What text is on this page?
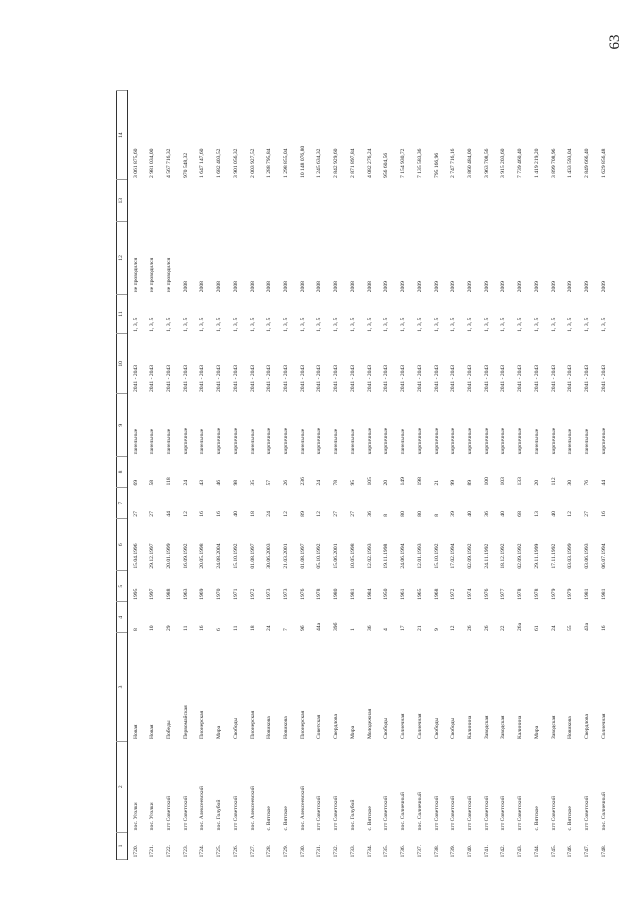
63
1	2	3	4	5	6	7	8	9	10	11	12	13	14
1720.	пос. Уголки	Новая	8	1995	15.04.1996	27	69	панельные	2041 - 2043	1, 3, 5	не проводился		3 061 875,60
1721.	пос. Уголки	Новая	10	1997	29.12.1997	27	58	панельные	2041 - 2043	1, 3, 5	не проводился		2 981 034,00
1722.	пгт Советский	Победы	29	1988	20.01.1999	44	118	панельные	2041 - 2043	1, 3, 5	не проводился		4 567 716,32
1723.	пгт Советский	Первомайская	11	1963	16.09.1992	12	24	кирпичные	2041 - 2043	1, 3, 5	2008		970 548,32
1724.	пос. Алексеевский	Пионерская	16	1969	20.05.1998	16	43	панельные	2041 - 2043	1, 3, 5	2008		1 647 147,60
1725.	пос. Голубой	Мира	6	1970	24.08.2004	16	46	кирпичные	2041 - 2043	1, 3, 5	2008		1 682 403,52
1726.	пгт Советский	Свободы	11	1971	15.10.1992	40	98	кирпичные	2041 - 2043	1, 3, 5	2008		3 901 056,32
1727.	пос. Алексеевский	Пионерская	18	1972	01.08.1997	18	35	панельные	2041 - 2043	1, 3, 5	2008		2 003 927,52
1728.	с. Вятское	Новикова	24	1973	30.06.2003	24	57	кирпичные	2041 - 2043	1, 3, 5	2008		1 288 795,84
1729.	с. Вятское	Новикова	7	1973	21.03.2001	12	26	кирпичные	2041 - 2043	1, 3, 5	2008		1 298 855,04
1730.	пос. Алексеевский	Пионерская	9б	1976	01.08.1997	89	236	панельные	2041 - 2043	1, 3, 5	2008		10 148 076,80
1731.	пгт Советский	Советская	44а	1978	05.10.1992	12	24	кирпичные	2041 - 2043	1, 3, 5	2008		1 245 634,32
1732.	пгт Советский	Свердлова	39б	1980	15.06.2001	27	78	панельные	2041 - 2043	1, 3, 5	2008		2 842 929,60
1733.	пос. Голубой	Мира	1	1981	10.05.1998	27	95	панельные	2041 - 2043	1, 3, 5	2008		2 871 897,84
1734.	с. Вятское	Молодежная	36	1984	12.02.1993	36	105	кирпичные	2041 - 2043	1, 3, 5	2008		4 082 276,24
1735.	пгт Советский	Свободы	4	1950	19.11.1998	8	20	кирпичные	2041 - 2043	1, 3, 5	2009		956 604,56
1736.	пос. Солнечный	Солнечная	17	1961	24.06.1994	80	149	панельные	2041 - 2043	1, 3, 5	2009		7 154 930,72
1737.	пос. Солнечный	Солнечная	21	1965	12.01.1993	80	198	кирпичные	2041 - 2043	1, 3, 5	2009		7 135 583,36
1738.	пгт Советский	Свободы	9	1968	15.10.1992	8	21	кирпичные	2041 - 2043	1, 3, 5	2009		795 166,96
1739.	пгт Советский	Свободы	12	1972	17.02.1994	39	99	кирпичные	2041 - 2043	1, 3, 5	2009		2 747 716,16
1740.	пгт Советский	Калинина	26	1974	02.09.1992	40	89	кирпичные	2041 - 2043	1, 3, 5	2009		3 860 484,00
1741.	пгт Советский	Заводская	26	1976	24.11.1992	36	100	кирпичные	2041 - 2043	1, 3, 5	2009		3 963 708,56
1742.	пгт Советский	Заводская	22	1977	18.12.1992	40	103	кирпичные	2041 - 2043	1, 3, 5	2009		3 915 203,60
1743.	пгт Советский	Калинина	26а	1978	02.09.1992	68	133	кирпичные	2041 - 2043	1, 3, 5	2009		7 739 460,40
1744.	с. Вятское	Мира	61	1978	29.11.1999	13	20	панельные	2041 - 2043	1, 3, 5	2009		1 419 219,20
1745.	пгт Советский	Заводская	24	1979	17.11.1992	40	112	кирпичные	2041 - 2043	1, 3, 5	2009		3 899 708,96
1746.	с. Вятское	Новикова	55	1979	03.03.1999	12	30	панельные	2041 - 2043	1, 3, 5	2009		1 433 593,04
1747.	пгт Советский	Свердлова	43а	1981	03.06.1993	27	76	панельные	2041 - 2043	1, 3, 5	2009		2 849 666,40
1748.	пос. Солнечный	Солнечная	16	1981	06.07.1994	16	44	кирпичные	2041 - 2043	1, 3, 5	2009		1 629 856,48
